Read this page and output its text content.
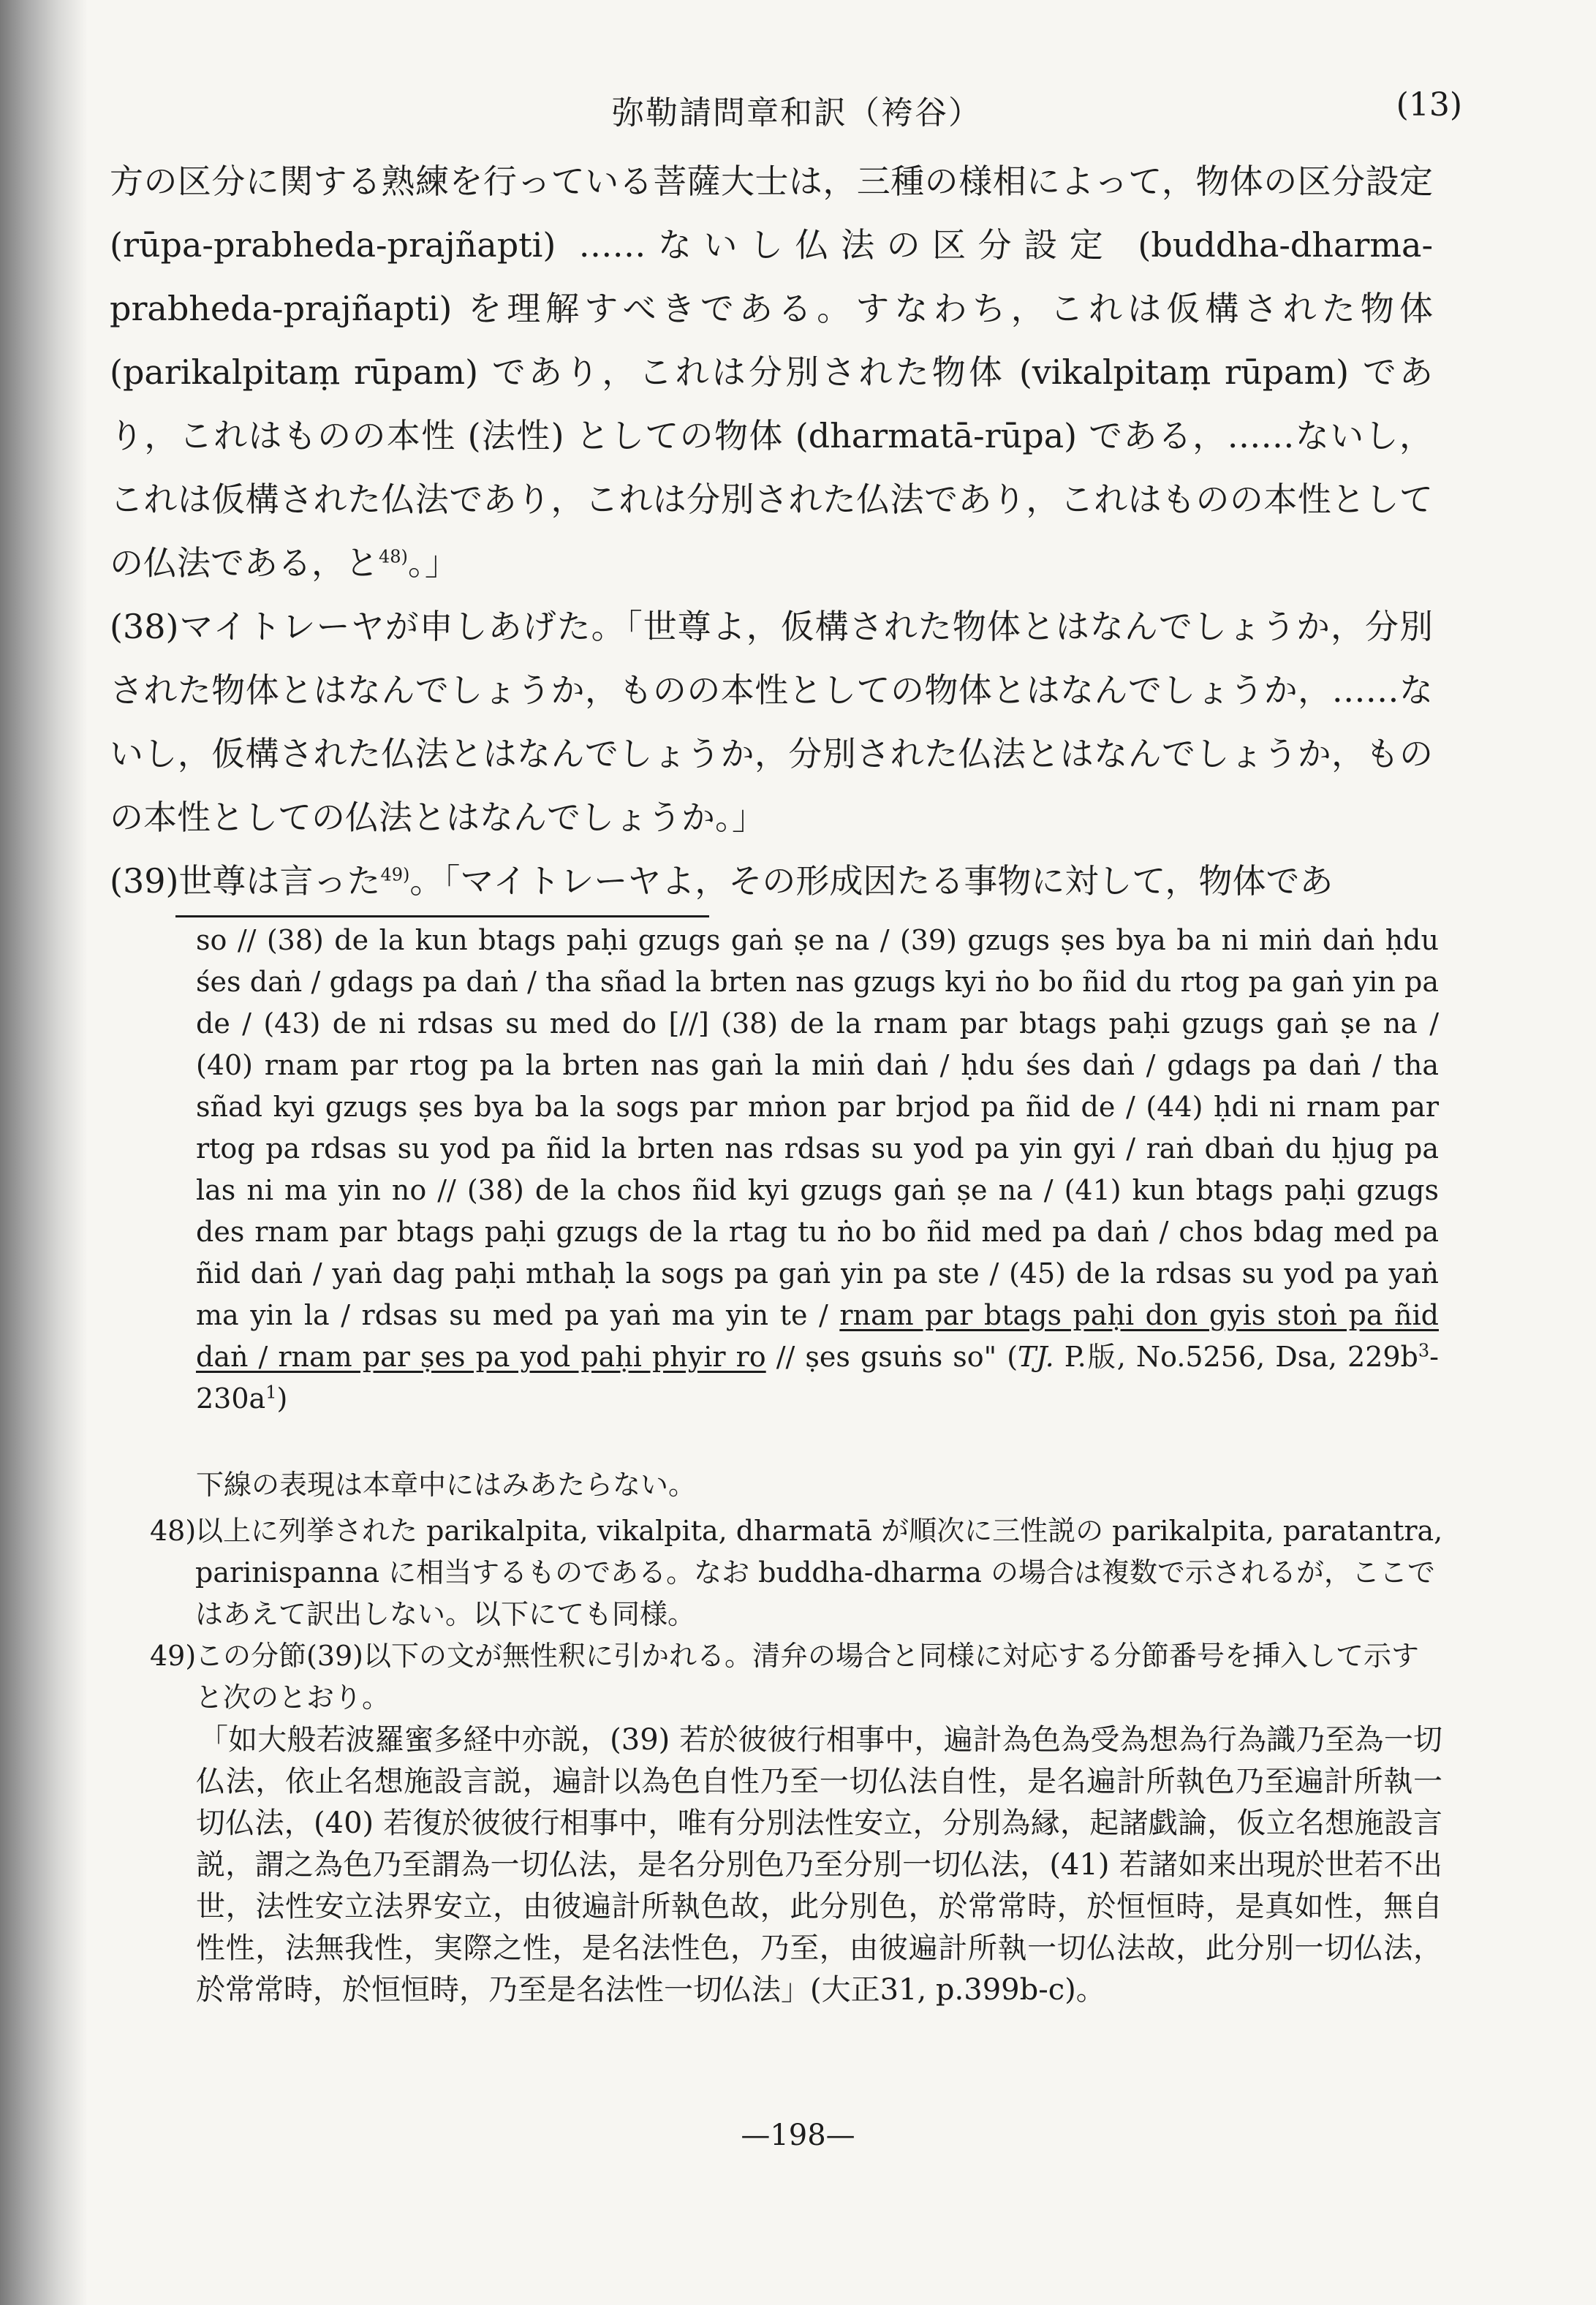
弥勒請問章和訳（袴谷）	(13)

方の区分に関する熟練を行っている菩薩大士は，三種の様相によって，物体の区分設定 (rūpa-prabheda-prajñapti) ……ないし仏法の区分設定 (buddha-dharma-prabheda-prajñapti) を理解すべきである。すなわち，これは仮構された物体 (parikalpitaṃ rūpam) であり，これは分別された物体 (vikalpitaṃ rūpam) であり，これはものの本性 (法性) としての物体 (dharmatā-rūpa) である，……ないし，これは仮構された仏法であり，これは分別された仏法であり，これはものの本性としての仏法である，と$^{48)}$。」

(38)マイトレーヤが申しあげた。「世尊よ，仮構された物体とはなんでしょうか，分別された物体とはなんでしょうか，ものの本性としての物体とはなんでしょうか，……ないし，仮構された仏法とはなんでしょうか，分別された仏法とはなんでしょうか，ものの本性としての仏法とはなんでしょうか。」

(39)世尊は言った$^{49)}$。「マイトレーヤよ，その形成因たる事物に対して，物体であ

so // (38) de la kun btags paḥi gzugs gaṅ ṣe na / (39) gzugs ṣes bya ba ni miṅ daṅ ḥdu śes daṅ / gdags pa daṅ / tha sñad la brten nas gzugs kyi ṅo bo ñid du rtog pa gaṅ yin pa de / (43) de ni rdsas su med do [//] (38) de la rnam par btags paḥi gzugs gaṅ ṣe na / (40) rnam par rtog pa la brten nas gaṅ la miṅ daṅ / ḥdu śes daṅ / gdags pa daṅ / tha sñad kyi gzugs ṣes bya ba la sogs par mṅon par brjod pa ñid de / (44) ḥdi ni rnam par rtog pa rdsas su yod pa ñid la brten nas rdsas su yod pa yin gyi / raṅ dbaṅ du ḥjug pa las ni ma yin no // (38) de la chos ñid kyi gzugs gaṅ ṣe na / (41) kun btags paḥi gzugs des rnam par btags paḥi gzugs de la rtag tu ṅo bo ñid med pa daṅ / chos bdag med pa ñid daṅ / yaṅ dag paḥi mthaḥ la sogs pa gaṅ yin pa ste / (45) de la rdsas su yod pa yaṅ ma yin la / rdsas su med pa yaṅ ma yin te / rnam par btags paḥi don gyis stoṅ pa ñid daṅ / rnam par ṣes pa yod paḥi phyir ro // ṣes gsuṅs so" (TJ. P.版, No.5256, Dsa, $229b^3-230a^1$)
下線の表現は本章中にはみあたらない。

48)
以上に列挙された parikalpita, vikalpita, dharmatā が順次に三性説の parikalpita, paratantra, parinispanna に相当するものである。なお buddha-dharma の場合は複数で示されるが，ここではあえて訳出しない。以下にても同様。

49)
この分節(39)以下の文が無性釈に引かれる。清弁の場合と同様に対応する分節番号を挿入して示すと次のとおり。

「如大般若波羅蜜多経中亦説，(39) 若於彼彼行相事中，遍計為色為受為想為行為識乃至為一切仏法，依止名想施設言説，遍計以為色自性乃至一切仏法自性，是名遍計所執色乃至遍計所執一切仏法，(40) 若復於彼彼行相事中，唯有分別法性安立，分別為縁，起諸戯論，仮立名想施設言説，謂之為色乃至謂為一切仏法，是名分別色乃至分別一切仏法，(41) 若諸如来出現於世若不出世，法性安立法界安立，由彼遍計所執色故，此分別色，於常常時，於恒恒時，是真如性，無自性性，法無我性，実際之性，是名法性色，乃至，由彼遍計所執一切仏法故，此分別一切仏法，於常常時，於恒恒時，乃至是名法性一切仏法」(大正31, p.399b-c)。
—198—
